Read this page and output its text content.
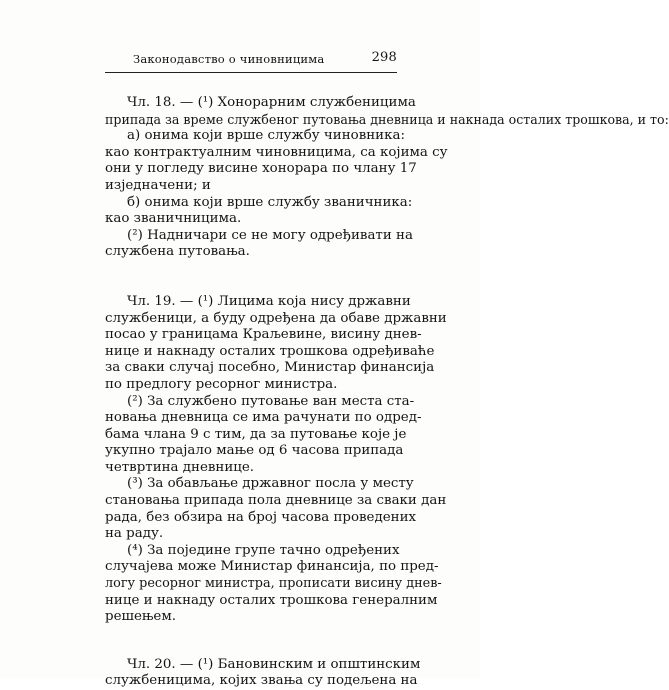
Законодавство о чиновницима	298
Чл. 18. — (¹) Хонорарним службеницима
припада за време службеног путовања дневница и накнада осталих трошкова, и то:
а) онима који врше службу чиновника:
као контрактуалним чиновницима, са којима су
они у погледу висине хонорара по члану 17
изједначени; и
б) онима који врше службу званичника:
као званичницима.
(²) Надничари се не могу одређивати на
службена путовања.
Чл. 19. — (¹) Лицима која нису државни
службеници, а буду одређена да обаве државни
посао у границама Краљевине, висину днев-
нице и накнаду осталих трошкова одређиваће
за сваки случај посебно, Министар финансија
по предлогу ресорног министра.
(²) За службено путовање ван места ста-
новања дневница се има рачунати по одред-
бама члана 9 с тим, да за путовање које је
укупно трајало мање од 6 часова припада
четвртина дневнице.
(³) За обављање државног посла у месту
становања припада пола дневнице за сваки дан
рада, без обзира на број часова проведених
на раду.
(⁴) За поједине групе тачно одређених
случајева може Министар финансија, по пред-
логу ресорног министра, прописати висину днев-
нице и накнаду осталих трошкова генералним
решењем.
Чл. 20. — (¹) Бановинским и општинским
службеницима, којих звања су подељена на
